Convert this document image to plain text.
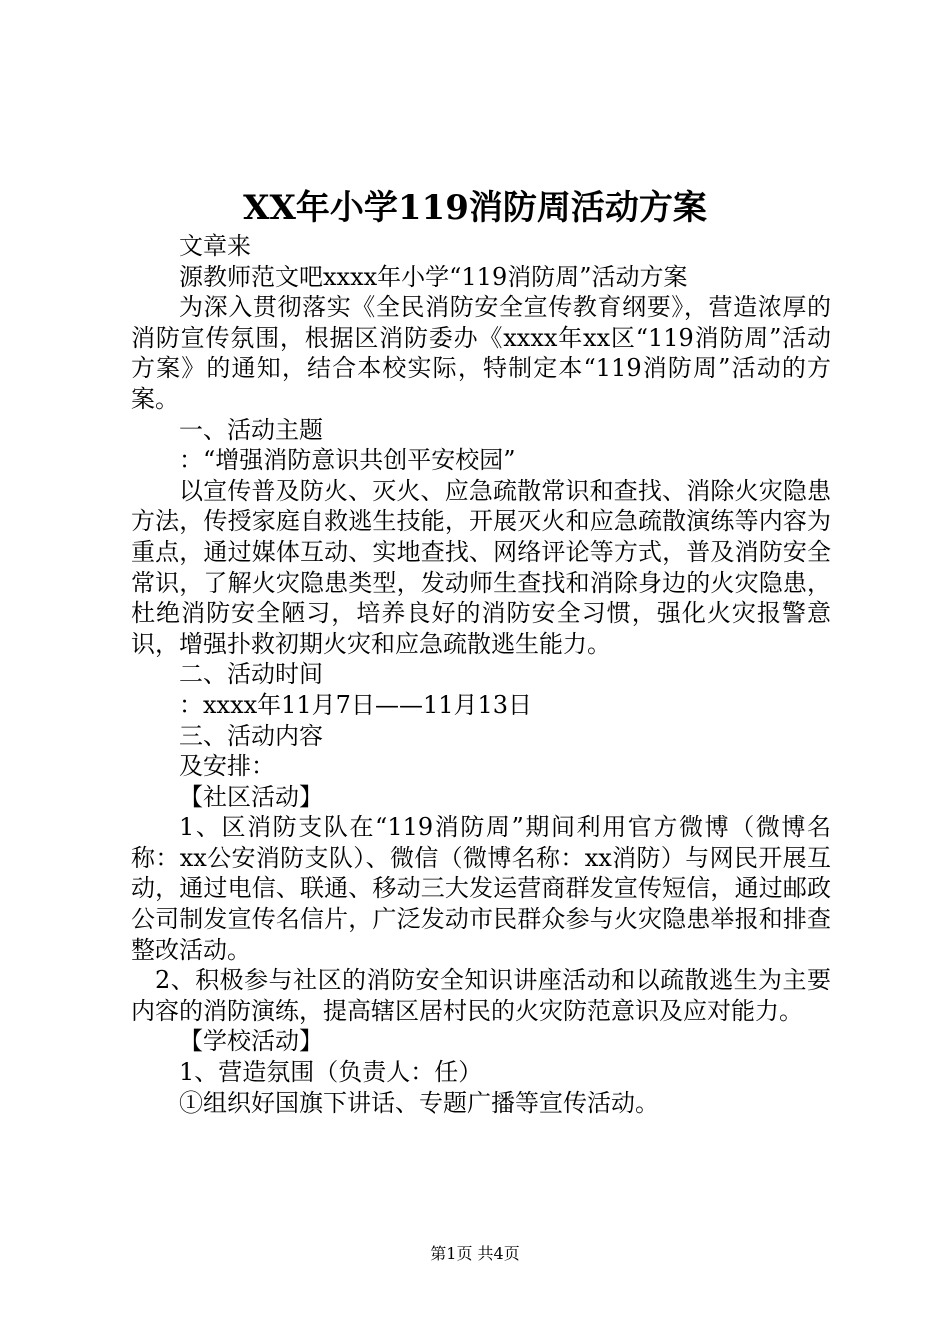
XX年小学119消防周活动方案

文章来

源教师范文吧xxxx年小学“119消防周”活动方案

为深入贯彻落实《全民消防安全宣传教育纲要》，营造浓厚的消防宣传氛围，根据区消防委办《xxxx年xx区“119消防周”活动方案》的通知，结合本校实际，特制定本“119消防周”活动的方案。

一、活动主题

：“增强消防意识共创平安校园”

以宣传普及防火、灭火、应急疏散常识和查找、消除火灾隐患方法，传授家庭自救逃生技能，开展灭火和应急疏散演练等内容为重点，通过媒体互动、实地查找、网络评论等方式，普及消防安全常识，了解火灾隐患类型，发动师生查找和消除身边的火灾隐患，杜绝消防安全陋习，培养良好的消防安全习惯，强化火灾报警意识，增强扑救初期火灾和应急疏散逃生能力。

二、活动时间

：xxxx年11月7日——11月13日

三、活动内容

及安排：

【社区活动】

1、区消防支队在“119消防周”期间利用官方微博（微博名称：xx公安消防支队）、微信（微博名称：xx消防）与网民开展互动，通过电信、联通、移动三大发运营商群发宣传短信，通过邮政公司制发宣传名信片，广泛发动市民群众参与火灾隐患举报和排查整改活动。

2、积极参与社区的消防安全知识讲座活动和以疏散逃生为主要内容的消防演练，提高辖区居村民的火灾防范意识及应对能力。

【学校活动】

1、营造氛围（负责人：任）

①组织好国旗下讲话、专题广播等宣传活动。

第1页 共4页
